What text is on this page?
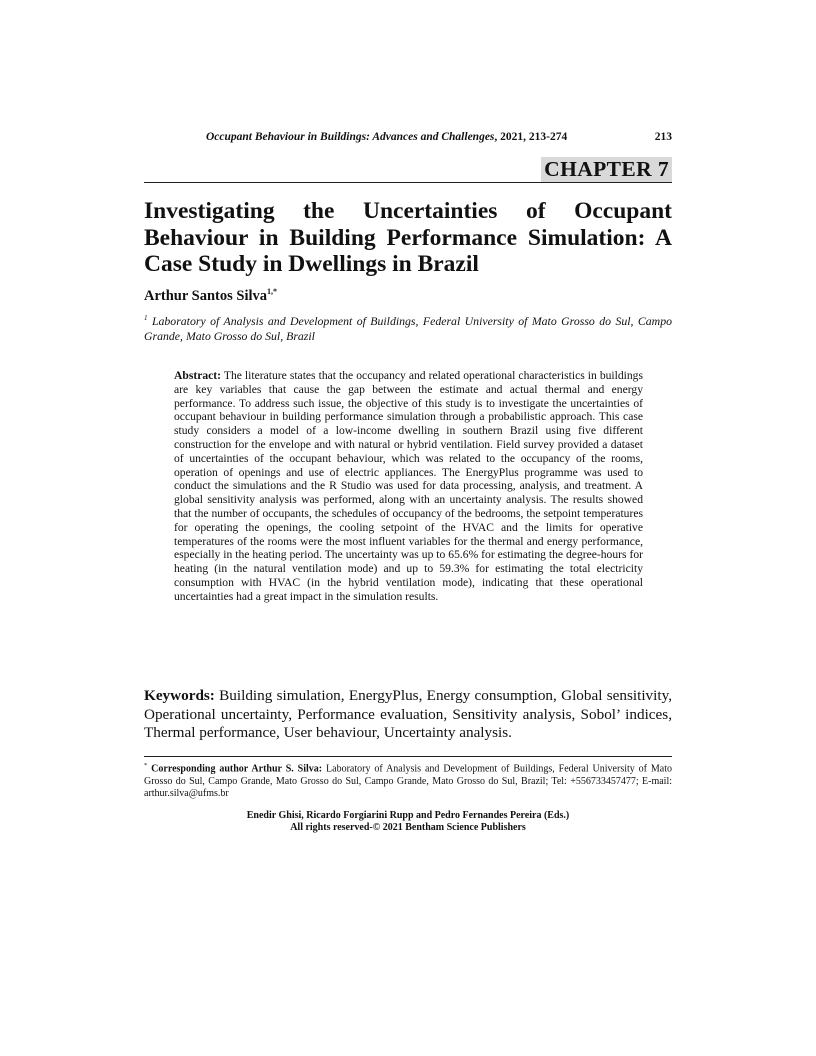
Occupant Behaviour in Buildings: Advances and Challenges, 2021, 213-274	213
CHAPTER 7
Investigating the Uncertainties of Occupant
Behaviour in Building Performance Simulation: A
Case Study in Dwellings in Brazil
Arthur Santos Silva$^{1,*}$

$^1$ Laboratory of Analysis and Development of Buildings, Federal University of Mato Grosso do Sul, Campo Grande, Mato Grosso do Sul, Brazil

Abstract: The literature states that the occupancy and related operational characteristics in buildings are key variables that cause the gap between the estimate and actual thermal and energy performance. To address such issue, the objective of this study is to investigate the uncertainties of occupant behaviour in building performance simulation through a probabilistic approach. This case study considers a model of a low-income dwelling in southern Brazil using five different construction for the envelope and with natural or hybrid ventilation. Field survey provided a dataset of uncertainties of the occupant behaviour, which was related to the occupancy of the rooms, operation of openings and use of electric appliances. The EnergyPlus programme was used to conduct the simulations and the R Studio was used for data processing, analysis, and treatment. A global sensitivity analysis was performed, along with an uncertainty analysis. The results showed that the number of occupants, the schedules of occupancy of the bedrooms, the setpoint temperatures for operating the openings, the cooling setpoint of the HVAC and the limits for operative temperatures of the rooms were the most influent variables for the thermal and energy performance, especially in the heating period. The uncertainty was up to 65.6% for estimating the degree-hours for heating (in the natural ventilation mode) and up to 59.3% for estimating the total electricity consumption with HVAC (in the hybrid ventilation mode), indicating that these operational uncertainties had a great impact in the simulation results.

Keywords: Building simulation, EnergyPlus, Energy consumption, Global sensitivity, Operational uncertainty, Performance evaluation, Sensitivity analysis, Sobol’ indices, Thermal performance, User behaviour, Uncertainty analysis.

* Corresponding author Arthur S. Silva: Laboratory of Analysis and Development of Buildings, Federal University of Mato Grosso do Sul, Campo Grande, Mato Grosso do Sul, Campo Grande, Mato Grosso do Sul, Brazil; Tel: +556733457477; E-mail: arthur.silva@ufms.br

Enedir Ghisi, Ricardo Forgiarini Rupp and Pedro Fernandes Pereira (Eds.)
All rights reserved-© 2021 Bentham Science Publishers
